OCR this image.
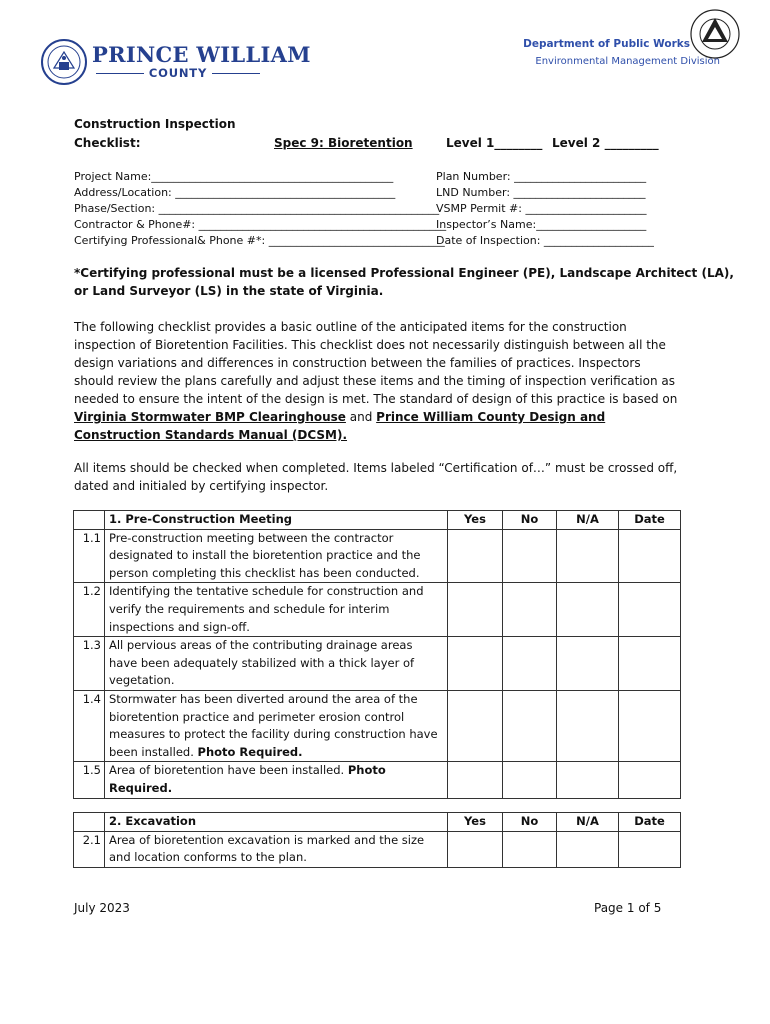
PRINCE WILLIAM
COUNTY
Department of Public Works
Environmental Management Division
Construction Inspection
Checklist:	Spec 9: Bioretention	Level 1________ Level 2 _________
Project Name:____________________________________________
Address/Location: ________________________________________
Phase/Section: ___________________________________________________
Contractor & Phone#: _____________________________________________
Certifying Professional& Phone #*: ________________________________
Plan Number: ________________________
LND Number: ________________________
VSMP Permit #: ______________________
Inspector’s Name:____________________
Date of Inspection: ____________________
*Certifying professional must be a licensed Professional Engineer (PE), Landscape Architect (LA),
or Land Surveyor (LS) in the state of Virginia.
The following checklist provides a basic outline of the anticipated items for the construction inspection of Bioretention Facilities. This checklist does not necessarily distinguish between all the design variations and differences in construction between the families of practices. Inspectors should review the plans carefully and adjust these items and the timing of inspection verification as needed to ensure the intent of the design is met. The standard of design of this practice is based on Virginia Stormwater BMP Clearinghouse and Prince William County Design and Construction Standards Manual (DCSM).
All items should be checked when completed. Items labeled “Certification of…” must be crossed off, dated and initialed by certifying inspector.
	1. Pre-Construction Meeting	Yes	No	N/A	Date
1.1	Pre-construction meeting between the contractor designated to install the bioretention practice and the person completing this checklist has been conducted.				
1.2	Identifying the tentative schedule for construction and verify the requirements and schedule for interim inspections and sign-off.				
1.3	All pervious areas of the contributing drainage areas have been adequately stabilized with a thick layer of vegetation.				
1.4	Stormwater has been diverted around the area of the bioretention practice and perimeter erosion control measures to protect the facility during construction have been installed. Photo Required.				
1.5	Area of bioretention have been installed. Photo Required.				
	2. Excavation	Yes	No	N/A	Date
2.1	Area of bioretention excavation is marked and the size and location conforms to the plan.				
July 2023	Page 1 of 5
